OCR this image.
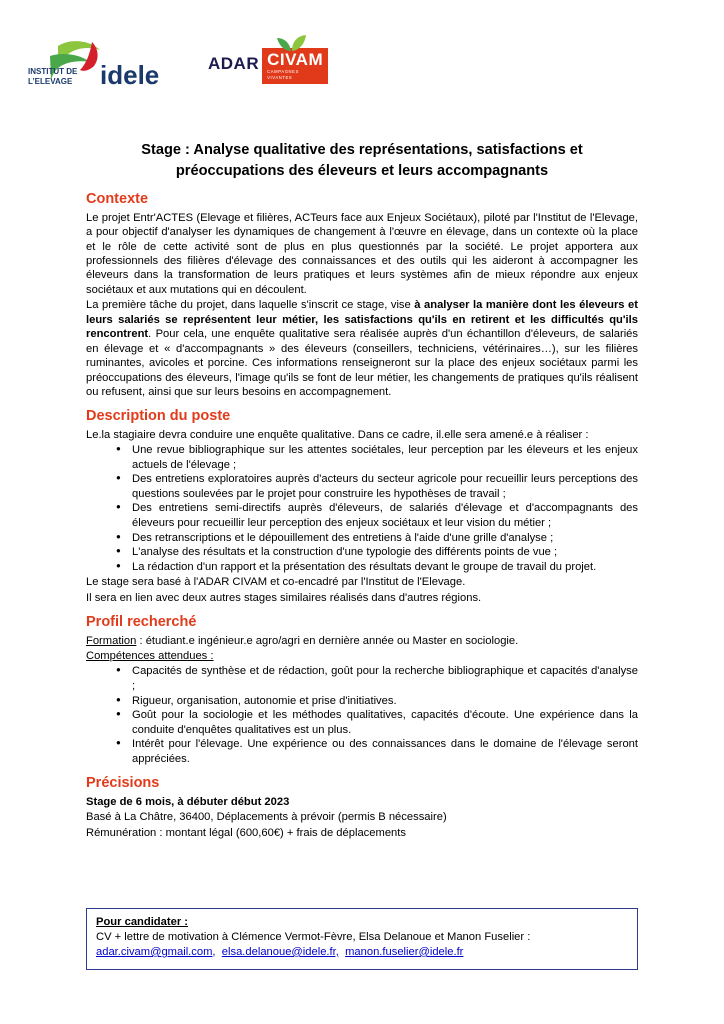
INSTITUT DE
L’ELEVAGE idele	ADAR CIVAM
CAMPAGNES
VIVANTES
Stage : Analyse qualitative des représentations, satisfactions et préoccupations des éleveurs et leurs accompagnants
Contexte

Le projet Entr'ACTES (Elevage et filières, ACTeurs face aux Enjeux Sociétaux), piloté par l'Institut de l'Elevage, a pour objectif d'analyser les dynamiques de changement à l'œuvre en élevage, dans un contexte où la place et le rôle de cette activité sont de plus en plus questionnés par la société. Le projet apportera aux professionnels des filières d'élevage des connaissances et des outils qui les aideront à accompagner les éleveurs dans la transformation de leurs pratiques et leurs systèmes afin de mieux répondre aux enjeux sociétaux et aux mutations qui en découlent.

La première tâche du projet, dans laquelle s'inscrit ce stage, vise à analyser la manière dont les éleveurs et leurs salariés se représentent leur métier, les satisfactions qu'ils en retirent et les difficultés qu'ils rencontrent. Pour cela, une enquête qualitative sera réalisée auprès d'un échantillon d'éleveurs, de salariés en élevage et « d'accompagnants » des éleveurs (conseillers, techniciens, vétérinaires…), sur les filières ruminantes, avicoles et porcine. Ces informations renseigneront sur la place des enjeux sociétaux parmi les préoccupations des éleveurs, l'image qu'ils se font de leur métier, les changements de pratiques qu'ils réalisent ou refusent, ainsi que sur leurs besoins en accompagnement.

Description du poste

Le.la stagiaire devra conduire une enquête qualitative. Dans ce cadre, il.elle sera amené.e à réaliser :

● Une revue bibliographique sur les attentes sociétales, leur perception par les éleveurs et les enjeux actuels de l'élevage ;
● Des entretiens exploratoires auprès d'acteurs du secteur agricole pour recueillir leurs perceptions des questions soulevées par le projet pour construire les hypothèses de travail ;
● Des entretiens semi-directifs auprès d'éleveurs, de salariés d'élevage et d'accompagnants des éleveurs pour recueillir leur perception des enjeux sociétaux et leur vision du métier ;
● Des retranscriptions et le dépouillement des entretiens à l'aide d'une grille d'analyse ;
● L'analyse des résultats et la construction d'une typologie des différents points de vue ;
● La rédaction d'un rapport et la présentation des résultats devant le groupe de travail du projet.

Le stage sera basé à l'ADAR CIVAM et co-encadré par l'Institut de l'Elevage.

Il sera en lien avec deux autres stages similaires réalisés dans d'autres régions.

Profil recherché

Formation : étudiant.e ingénieur.e agro/agri en dernière année ou Master en sociologie.

Compétences attendues :

● Capacités de synthèse et de rédaction, goût pour la recherche bibliographique et capacités d'analyse ;
● Rigueur, organisation, autonomie et prise d'initiatives.
● Goût pour la sociologie et les méthodes qualitatives, capacités d'écoute. Une expérience dans la conduite d'enquêtes qualitatives est un plus.
● Intérêt pour l'élevage. Une expérience ou des connaissances dans le domaine de l'élevage seront appréciées.
Précisions

Stage de 6 mois, à débuter début 2023

Basé à La Châtre, 36400, Déplacements à prévoir (permis B nécessaire)

Rémunération : montant légal (600,60€) + frais de déplacements

Pour candidater :
CV + lettre de motivation à Clémence Vermot-Fèvre, Elsa Delanoue et Manon Fuselier :
adar.civam@gmail.com, elsa.delanoue@idele.fr, manon.fuselier@idele.fr
